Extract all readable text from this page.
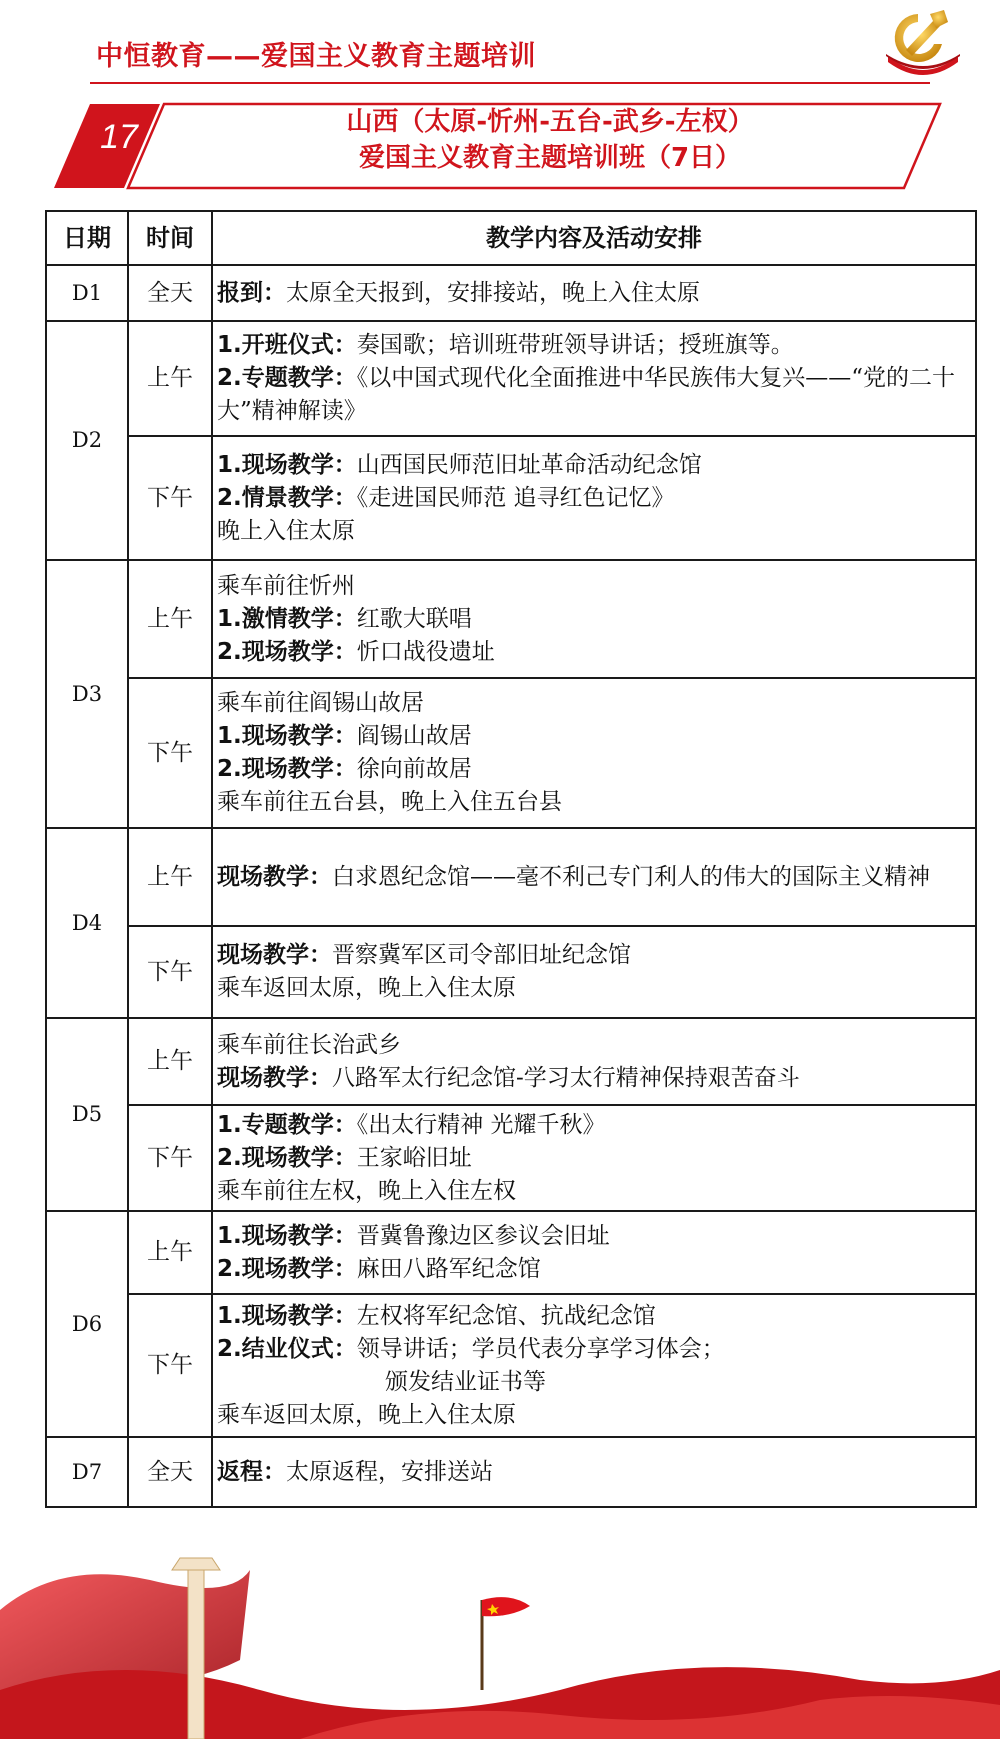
中恒教育——爱国主义教育主题培训
17	山西（太原-忻州-五台-武乡-左权）
爱国主义教育主题培训班（7日）
日期	时间	教学内容及活动安排
D1	全天	报到：太原全天报到，安排接站，晚上入住太原

D2	上午	1.开班仪式：奏国歌；培训班带班领导讲话；授班旗等。
2.专题教学：《以中国式现代化全面推进中华民族伟大复兴——“党的二十大”精神解读》

	下午	1.现场教学：山西国民师范旧址革命活动纪念馆
2.情景教学：《走进国民师范 追寻红色记忆》
晚上入住太原

D3	上午	乘车前往忻州
1.激情教学：红歌大联唱
2.现场教学：忻口战役遗址

	下午	乘车前往阎锡山故居
1.现场教学：阎锡山故居
2.现场教学：徐向前故居
乘车前往五台县，晚上入住五台县

D4	上午	现场教学：白求恩纪念馆——毫不利己专门利人的伟大的国际主义精神

	下午	现场教学：晋察冀军区司令部旧址纪念馆
乘车返回太原，晚上入住太原

D5	上午	乘车前往长治武乡
现场教学：八路军太行纪念馆-学习太行精神保持艰苦奋斗

	下午	1.专题教学：《出太行精神 光耀千秋》
2.现场教学：王家峪旧址
乘车前往左权，晚上入住左权

D6	上午	1.现场教学：晋冀鲁豫边区参议会旧址
2.现场教学：麻田八路军纪念馆

	下午	1.现场教学：左权将军纪念馆、抗战纪念馆
2.结业仪式：领导讲话；学员代表分享学习体会；
颁发结业证书等
乘车返回太原，晚上入住太原

D7	全天	返程：太原返程，安排送站
